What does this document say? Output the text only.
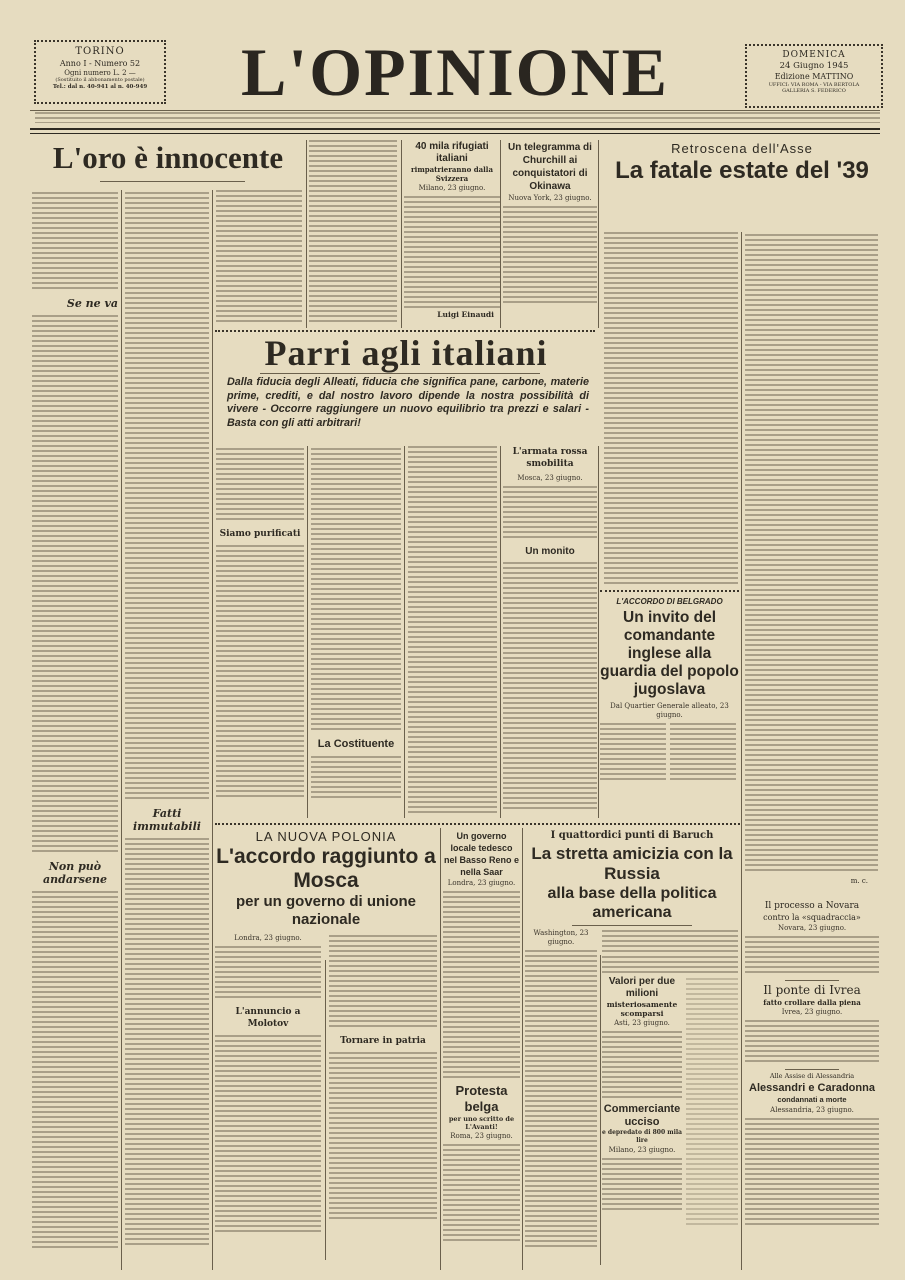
TORINO
Anno I - Numero 52
Ogni numero L. 2 —
(Sostituito il abbonamento postale)
Tel.: dal n. 40-941 al n. 40-949	L'OPINIONE	DOMENICA
24 Giugno 1945
Edizione MATTINO
UFFICI: VIA ROMA - VIA BERTOLA
GALLERIA S. FEDERICO
L'oro è innocente
Se ne va
Non può andarsene
Fatti immutabili
40 mila rifugiati italiani
rimpatrieranno dalla Svizzera
Milano, 23 giugno.
Luigi Einaudi
Un telegramma di Churchill ai conquistatori di Okinawa
Nuova York, 23 giugno.
Retroscena dell'Asse
La fatale estate del '39
m. c.
Parri agli italiani
Dalla fiducia degli Alleati, fiducia che significa pane, carbone, materie prime, crediti, e dal nostro lavoro dipende la nostra possibilità di vivere - Occorre raggiungere un nuovo equilibrio tra prezzi e salari - Basta con gli atti arbitrari!
Siamo purificati
La Costituente
L'armata rossa smobilita
Mosca, 23 giugno.
Un monito
L'ACCORDO DI BELGRADO
Un invito del comandante inglese alla guardia del popolo jugoslava
Dal Quartier Generale alleato, 23 giugno.
LA NUOVA POLONIA
L'accordo raggiunto a Mosca
per un governo di unione nazionale
Londra, 23 giugno.
L'annuncio a Molotov
Tornare in patria
Un governo locale tedesco nel Basso Reno e nella Saar
Londra, 23 giugno.
Protesta belga
per uno scritto de L'Avanti!
Roma, 23 giugno.
I quattordici punti di Baruch
La stretta amicizia con la Russia
alla base della politica americana
Washington, 23 giugno.
Valori per due milioni
misteriosamente scomparsi
Asti, 23 giugno.
Commerciante ucciso
e depredato di 800 mila lire
Milano, 23 giugno.
Il processo a Novara
contro la «squadraccia»
Novara, 23 giugno.
Il ponte di Ivrea
fatto crollare dalla piena
Ivrea, 23 giugno.
Alle Assise di Alessandria
Alessandri e Caradonna
condannati a morte
Alessandria, 23 giugno.
